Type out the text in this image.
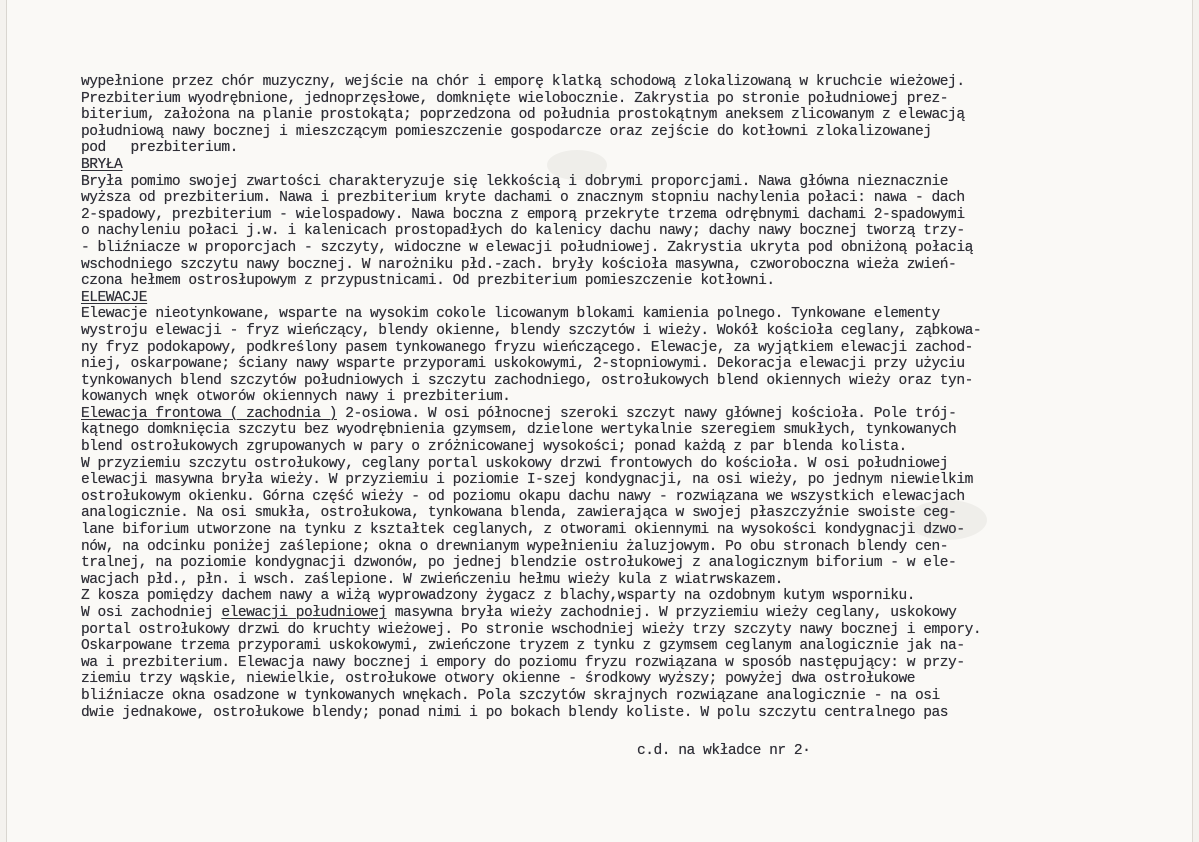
wypełnione przez chór muzyczny, wejście na chór i emporę klatką schodową zlokalizowaną w kruchcie wieżowej.
Prezbiterium wyodrębnione, jednoprzęsłowe, domknięte wielobocznie. Zakrystia po stronie południowej prez-
biterium, założona na planie prostokąta; poprzedzona od południa prostokątnym aneksem zlicowanym z elewacją
południową nawy bocznej i mieszczącym pomieszczenie gospodarcze oraz zejście do kotłowni zlokalizowanej
pod   prezbiterium.
BRYŁA
Bryła pomimo swojej zwartości charakteryzuje się lekkością i dobrymi proporcjami. Nawa główna nieznacznie
wyższa od prezbiterium. Nawa i prezbiterium kryte dachami o znacznym stopniu nachylenia połaci: nawa - dach
2-spadowy, prezbiterium - wielospadowy. Nawa boczna z emporą przekryte trzema odrębnymi dachami 2-spadowymi
o nachyleniu połaci j.w. i kalenicach prostopadłych do kalenicy dachu nawy; dachy nawy bocznej tworzą trzy-
- bliźniacze w proporcjach - szczyty, widoczne w elewacji południowej. Zakrystia ukryta pod obniżoną połacią
wschodniego szczytu nawy bocznej. W narożniku płd.-zach. bryły kościoła masywna, czworoboczna wieża zwień-
czona hełmem ostrosłupowym z przypustnicami. Od prezbiterium pomieszczenie kotłowni.
ELEWACJE
Elewacje nieotynkowane, wsparte na wysokim cokole licowanym blokami kamienia polnego. Tynkowane elementy
wystroju elewacji - fryz wieńczący, blendy okienne, blendy szczytów i wieży. Wokół kościoła ceglany, ząbkowa-
ny fryz podokapowy, podkreślony pasem tynkowanego fryzu wieńczącego. Elewacje, za wyjątkiem elewacji zachod-
niej, oskarpowane; ściany nawy wsparte przyporami uskokowymi, 2-stopniowymi. Dekoracja elewacji przy użyciu
tynkowanych blend szczytów południowych i szczytu zachodniego, ostrołukowych blend okiennych wieży oraz tyn-
kowanych wnęk otworów okiennych nawy i prezbiterium.
Elewacja frontowa ( zachodnia ) 2-osiowa. W osi północnej szeroki szczyt nawy głównej kościoła. Pole trój-
kątnego domknięcia szczytu bez wyodrębnienia gzymsem, dzielone wertykalnie szeregiem smukłych, tynkowanych
blend ostrołukowych zgrupowanych w pary o zróżnicowanej wysokości; ponad każdą z par blenda kolista.
W przyziemiu szczytu ostrołukowy, ceglany portal uskokowy drzwi frontowych do kościoła. W osi południowej
elewacji masywna bryła wieży. W przyziemiu i poziomie I-szej kondygnacji, na osi wieży, po jednym niewielkim
ostrołukowym okienku. Górna część wieży - od poziomu okapu dachu nawy - rozwiązana we wszystkich elewacjach
analogicznie. Na osi smukła, ostrołukowa, tynkowana blenda, zawierająca w swojej płaszczyźnie swoiste ceg-
lane biforium utworzone na tynku z kształtek ceglanych, z otworami okiennymi na wysokości kondygnacji dzwo-
nów, na odcinku poniżej zaślepione; okna o drewnianym wypełnieniu żaluzjowym. Po obu stronach blendy cen-
tralnej, na poziomie kondygnacji dzwonów, po jednej blendzie ostrołukowej z analogicznym biforium - w ele-
wacjach płd., płn. i wsch. zaślepione. W zwieńczeniu hełmu wieży kula z wiatrwskazem.
Z kosza pomiędzy dachem nawy a wiżą wyprowadzony żygacz z blachy,wsparty na ozdobnym kutym wsporniku.
W osi zachodniej elewacji południowej masywna bryła wieży zachodniej. W przyziemiu wieży ceglany, uskokowy
portal ostrołukowy drzwi do kruchty wieżowej. Po stronie wschodniej wieży trzy szczyty nawy bocznej i empory.
Oskarpowane trzema przyporami uskokowymi, zwieńczone tryzem z tynku z gzymsem ceglanym analogicznie jak na-
wa i prezbiterium. Elewacja nawy bocznej i empory do poziomu fryzu rozwiązana w sposób następujący: w przy-
ziemiu trzy wąskie, niewielkie, ostrołukowe otwory okienne - środkowy wyższy; powyżej dwa ostrołukowe
bliźniacze okna osadzone w tynkowanych wnękach. Pola szczytów skrajnych rozwiązane analogicznie - na osi
dwie jednakowe, ostrołukowe blendy; ponad nimi i po bokach blendy koliste. W polu szczytu centralnego pas
c.d. na wkładce nr 2·
